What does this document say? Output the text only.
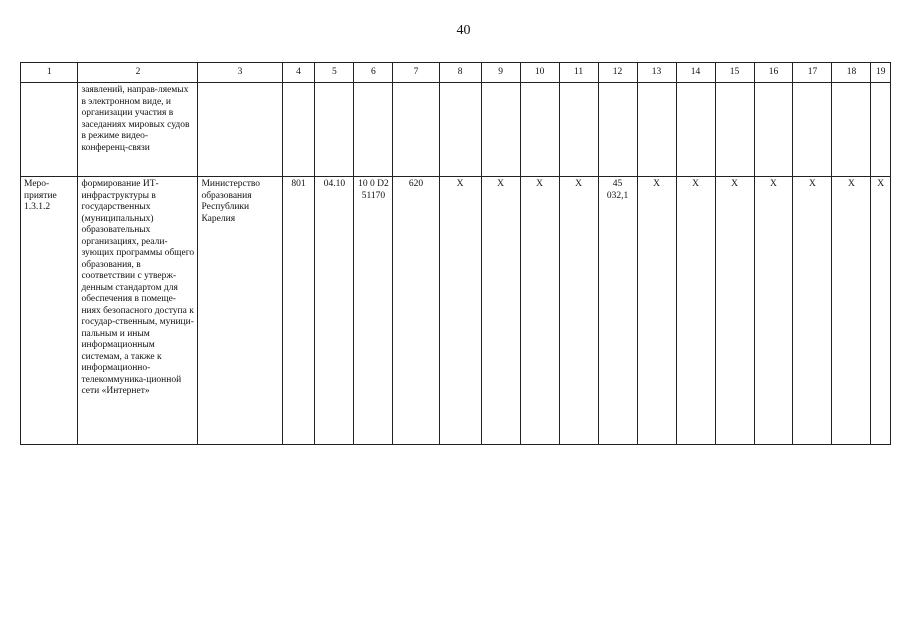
40
1	2	3	4	5	6	7	8	9	10	11	12	13	14	15	16	17	18	19
	заявлений, направ-ляемых в электронном виде, и организации участия в заседаниях мировых судов в режиме видео-конференц-связи																	
Меро-приятие 1.3.1.2	формирование ИТ-инфраструктуры в государственных (муниципальных) образовательных организациях, реали-зующих программы общего образования, в соответствии с утверж-денным стандартом для обеспечения в помеще-ниях безопасного доступа к государ-ственным, муници-пальным и иным информационным системам, а также к информационно-телекоммуника-ционной сети «Интернет»	Министерство образования Республики Карелия	801	04.10	10 0 D2 51170	620	Х	Х	Х	Х	45 032,1	Х	Х	Х	Х	Х	Х	Х
